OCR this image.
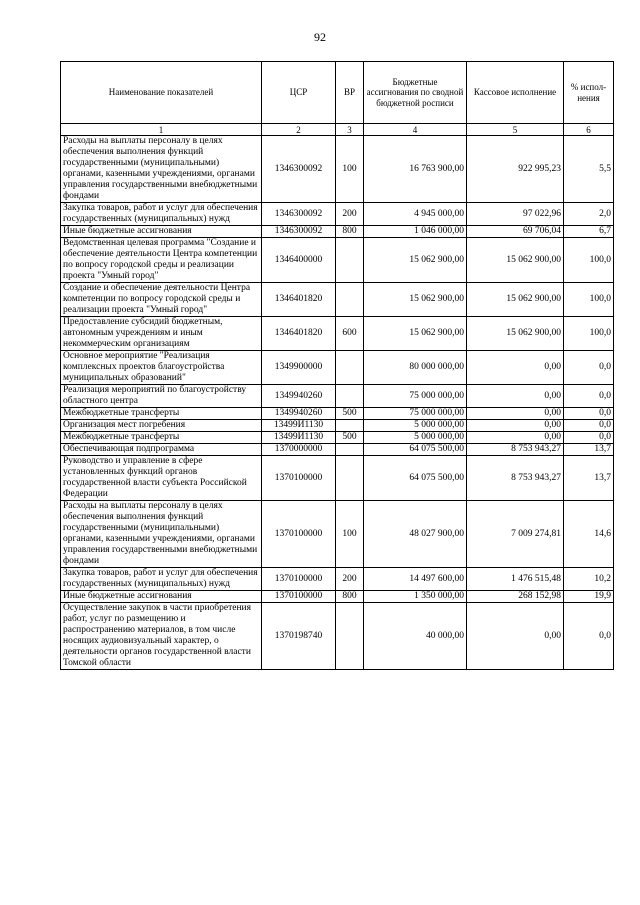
92
Наименование показателей	ЦСР	ВР	Бюджетные ассигнования по сводной бюджетной росписи	Кассовое исполнение	% испол-нения
1	2	3	4	5	6
Расходы на выплаты персоналу в целях обеспечения выполнения функций государственными (муниципальными) органами, казенными учреждениями, органами управления государственными внебюджетными фондами	1346300092	100	16 763 900,00	922 995,23	5,5
Закупка товаров, работ и услуг для обеспечения государственных (муниципальных) нужд	1346300092	200	4 945 000,00	97 022,96	2,0
Иные бюджетные ассигнования	1346300092	800	1 046 000,00	69 706,04	6,7
Ведомственная целевая программа "Создание и обеспечение деятельности Центра компетенции по вопросу городской среды и реализации проекта "Умный город"	1346400000		15 062 900,00	15 062 900,00	100,0
Создание и обеспечение деятельности Центра компетенции по вопросу городской среды и реализации проекта "Умный город"	1346401820		15 062 900,00	15 062 900,00	100,0
Предоставление субсидий бюджетным, автономным учреждениям и иным некоммерческим организациям	1346401820	600	15 062 900,00	15 062 900,00	100,0
Основное мероприятие "Реализация комплексных проектов благоустройства муниципальных образований"	1349900000		80 000 000,00	0,00	0,0
Реализация мероприятий по благоустройству областного центра	1349940260		75 000 000,00	0,00	0,0
Межбюджетные трансферты	1349940260	500	75 000 000,00	0,00	0,0
Организация мест погребения	13499И1130		5 000 000,00	0,00	0,0
Межбюджетные трансферты	13499И1130	500	5 000 000,00	0,00	0,0
Обеспечивающая подпрограмма	1370000000		64 075 500,00	8 753 943,27	13,7
Руководство и управление в сфере установленных функций органов государственной власти субъекта Российской Федерации	1370100000		64 075 500,00	8 753 943,27	13,7
Расходы на выплаты персоналу в целях обеспечения выполнения функций государственными (муниципальными) органами, казенными учреждениями, органами управления государственными внебюджетными фондами	1370100000	100	48 027 900,00	7 009 274,81	14,6
Закупка товаров, работ и услуг для обеспечения государственных (муниципальных) нужд	1370100000	200	14 497 600,00	1 476 515,48	10,2
Иные бюджетные ассигнования	1370100000	800	1 350 000,00	268 152,98	19,9
Осуществление закупок в части приобретения работ, услуг по размещению и распространению материалов, в том числе носящих аудиовизуальный характер, о деятельности органов государственной власти Томской области	1370198740		40 000,00	0,00	0,0
